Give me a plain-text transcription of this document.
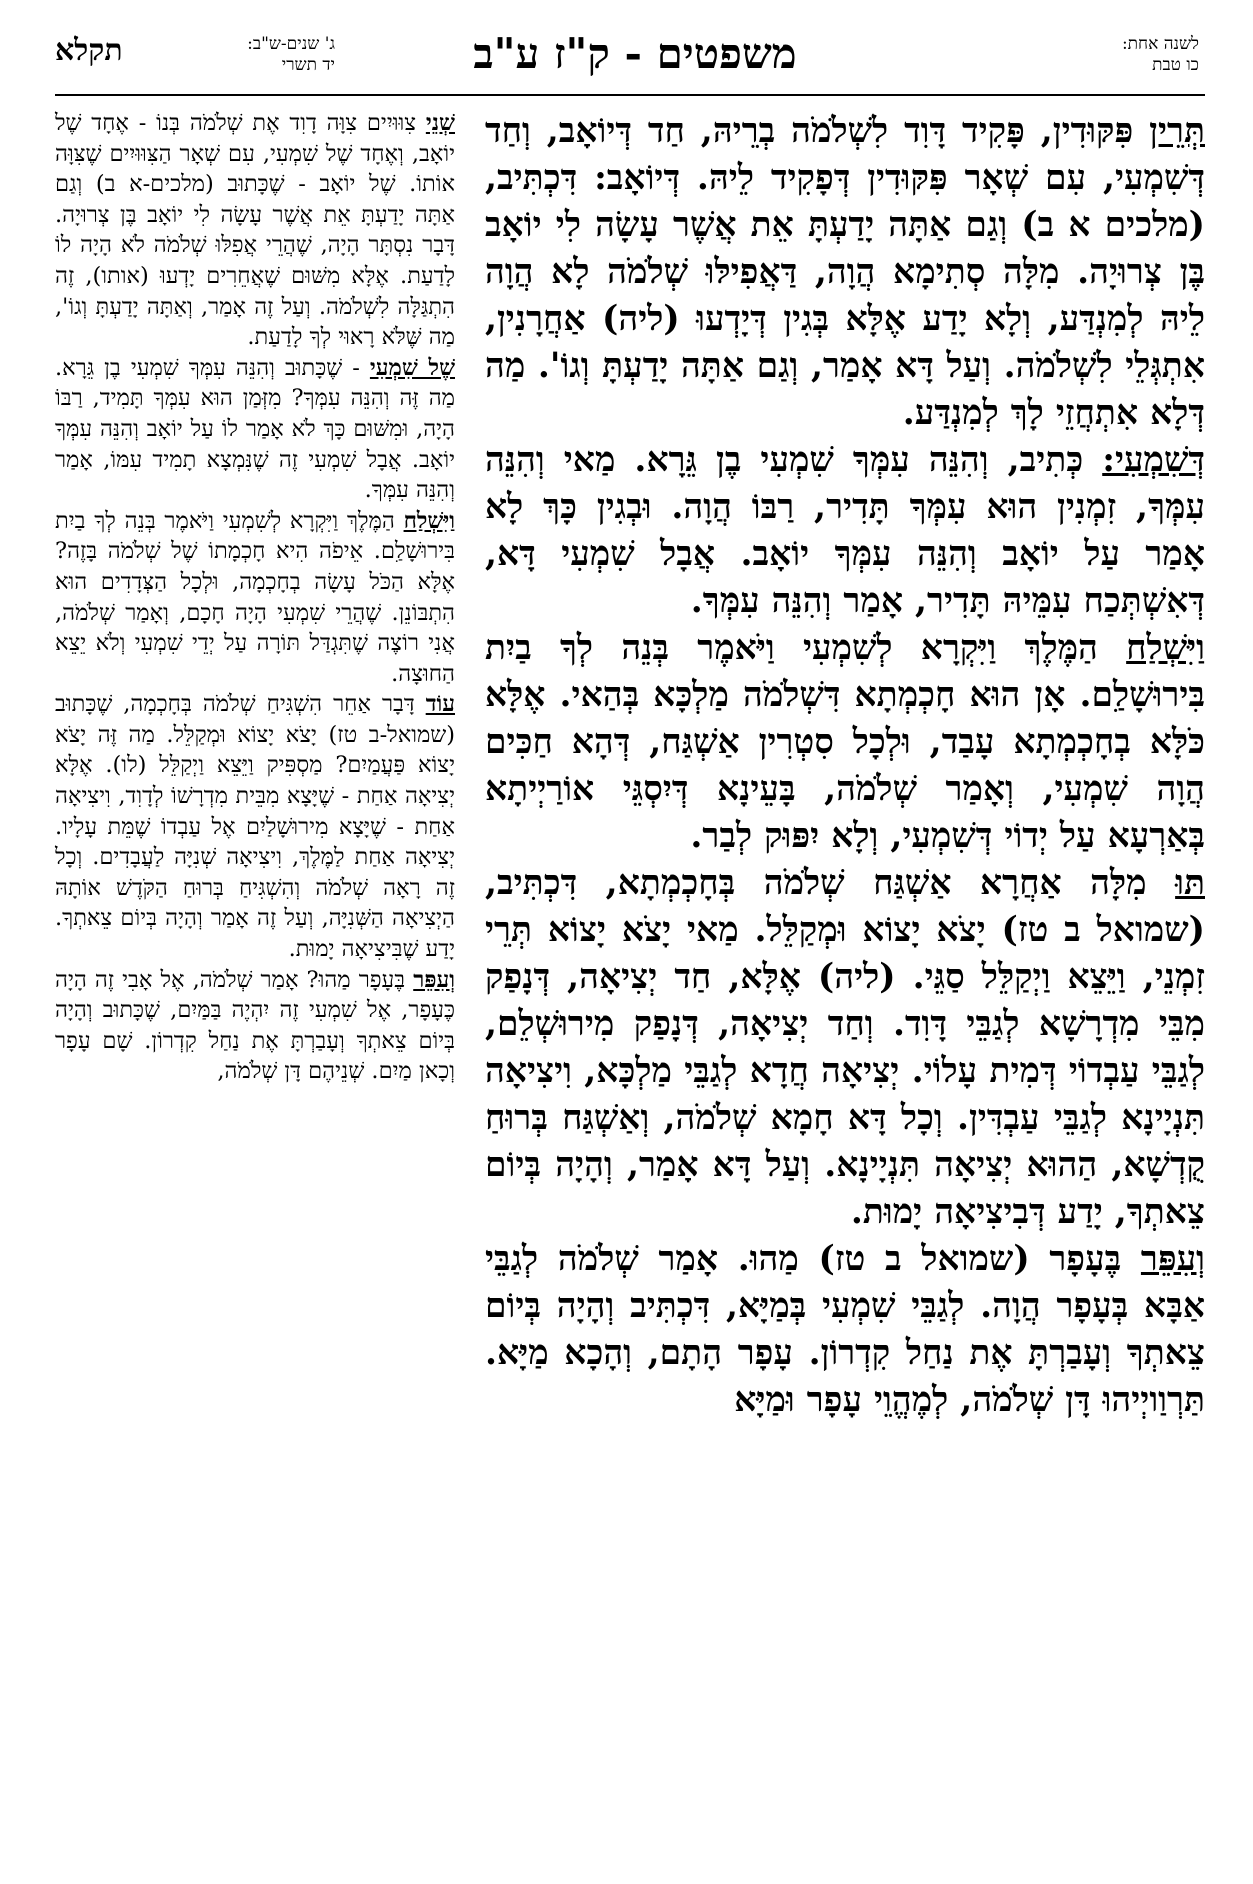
לשנה אחת:
כו טבת
משפטים - ק"ז ע"ב
ג' שנים-ש"ב:
יד תשרי
תקלא

תְּרֵין פִּקּוּדִין, פָּקִיד דָּוִד לִשְׁלֹמֹה בְרֵיהּ, חַד דְּיוֹאָב, וְחַד דְּשִׁמְעִי, עִם שְׁאָר פִּקּוּדִין דְּפָקִיד לֵיהּ. דְּיוֹאָב: דִּכְתִּיב, (מלכים א ב) וְגַם אַתָּה יָדַעְתָּ אֵת אֲשֶׁר עָשָׂה לִי יוֹאָב בֶּן צְרוּיָה. מִלָּה סְתִימָא הֲוָה, דַּאֲפִילּוּ שְׁלֹמֹה לָא הֲוָה לֵיהּ לְמִנְדַּע, וְלָא יָדַע אֶלָּא בְּגִין דְּיָדְעוּ (ליה) אַחֲרָנִין, אִתְגְּלֵי לִשְׁלֹמֹה. וְעַל דָּא אָמַר, וְגַם אַתָּה יָדַעְתָּ וְגוֹ'. מַה דְּלָא אִתְחֲזֵי לָךְ לְמִנְדַּע.

דְּשִׁמְעִי: כְּתִיב, וְהִנֵּה עִמְּךָ שִׁמְעִי בֶן גֵּרָא. מַאי וְהִנֵּה עִמְּךָ, זִמְנִין הוּא עִמְּךָ תָּדִיר, רַבּוֹ הֲוָה. וּבְגִין כָּךְ לָא אָמַר עַל יוֹאָב וְהִנֵּה עִמְּךָ יוֹאָב. אֲבָל שִׁמְעִי דָּא, דְּאִשְׁתְּכַח עִמֵּיהּ תָּדִיר, אָמַר וְהִנֵּה עִמְּךָ.

וַיִּשְׁלַח הַמֶּלֶךְ וַיִּקְרָא לְשִׁמְעִי וַיֹּאמֶר בְּנֵה לְךָ בַיִת בִּירוּשָׁלִַם. אָן הוּא חָכְמְתָא דִּשְׁלֹמֹה מַלְכָּא בְּהַאי. אֶלָּא כֹּלָּא בְחָכְמְתָא עָבַד, וּלְכָל סִטְרִין אַשְׁגַּח, דְּהָא חַכִּים הֲוָה שִׁמְעִי, וְאָמַר שְׁלֹמֹה, בָּעֵינָא דְּיִסְגֵּי אוֹרַיְיתָא בְּאַרְעָא עַל יְדוֹי דְּשִׁמְעִי, וְלָא יִפּוּק לְבַר.

תּוּ מִלָּה אַחֲרָא אַשְׁגַּח שְׁלֹמֹה בְּחָכְמְתָא, דִּכְתִּיב, (שמואל ב טז) יָצֹא יָצוֹא וּמְקַלֵּל. מַאי יָצֹא יָצוֹא תְּרֵי זִמְנֵי, וַיֵּצֵא וַיְקַלֵּל סַגֵּי. (ליה) אֶלָּא, חַד יְצִיאָה, דְּנָפַק מִבֵּי מִדְרָשָׁא לְגַבֵּי דָּוִד. וְחַד יְצִיאָה, דְּנָפַק מִירוּשְׁלֵם, לְגַבֵּי עַבְדוֹי דְּמִית עָלוֹי. יְצִיאָה חֲדָא לְגַבֵּי מַלְכָּא, וִיצִיאָה תִּנְיָינָא לְגַבֵּי עַבְדִּין. וְכָל דָּא חָמָא שְׁלֹמֹה, וְאַשְׁגַּח בְּרוּחַ קֻדְשָׁא, הַהוּא יְצִיאָה תִּנְיָינָא. וְעַל דָּא אָמַר, וְהָיָה בְּיוֹם צֵאתְךָ, יָדַע דְּבִיצִיאָה יָמוּת.

וְעִפֵּר בֶּעָפָר (שמואל ב טז) מַהוּ. אָמַר שְׁלֹמֹה לְגַבֵּי אַבָּא בְּעָפָר הֲוָה. לְגַבֵּי שִׁמְעִי בְּמַיָּא, דִּכְתִּיב וְהָיָה בְּיוֹם צֵאתְךָ וְעָבַרְתָּ אֶת נַחַל קִדְרוֹן. עָפָר הָתָם, וְהָכָא מַיָּא. תַּרְוַויְיהוּ דָּן שְׁלֹמֹה, לְמֶהֱוֵי עָפָר וּמַיָּא

שְׁנֵי צִוּוּיִים צִוָּה דָוִד אֶת שְׁלֹמֹה בְּנוֹ - אֶחָד שֶׁל יוֹאָב, וְאֶחָד שֶׁל שִׁמְעִי, עִם שְׁאָר הַצִּוּוּיִים שֶׁצִּוָּה אוֹתוֹ. שֶׁל יוֹאָב - שֶׁכָּתוּב (מלכים-א ב) וְגַם אַתָּה יָדַעְתָּ אֵת אֲשֶׁר עָשָׂה לִי יוֹאָב בֶּן צְרוּיָה. דָּבָר נִסְתָּר הָיָה, שֶׁהֲרֵי אֲפִלּוּ שְׁלֹמֹה לֹא הָיָה לוֹ לָדַעַת. אֶלָּא מִשּׁוּם שֶׁאֲחֵרִים יָדְעוּ (אותו), זֶה הִתְגַּלָּה לִשְׁלֹמֹה. וְעַל זֶה אָמַר, וְאַתָּה יָדַעְתָּ וְגוֹ', מַה שֶּׁלֹּא רָאוּי לְךָ לָדַעַת.

שֶׁל שִׁמְעִי - שֶׁכָּתוּב וְהִנֵּה עִמְּךָ שִׁמְעִי בֶן גֵּרָא. מַה זֶּה וְהִנֵּה עִמְּךָ? מִזְּמַן הוּא עִמְּךָ תָּמִיד, רַבּוֹ הָיָה, וּמִשּׁוּם כָּךְ לֹא אָמַר לוֹ עַל יוֹאָב וְהִנֵּה עִמְּךָ יוֹאָב. אֲבָל שִׁמְעִי זֶה שֶׁנִּמְצָא תָמִיד עִמּוֹ, אָמַר וְהִנֵּה עִמְּךָ.

וַיִּשְׁלַח הַמֶּלֶךְ וַיִּקְרָא לְשִׁמְעִי וַיֹּאמֶר בְּנֵה לְךָ בַיִת בִּירוּשָׁלִַם. אֵיפֹה הִיא חָכְמָתוֹ שֶׁל שְׁלֹמֹה בָּזֶה? אֶלָּא הַכֹּל עָשָׂה בְחָכְמָה, וּלְכָל הַצְּדָדִים הוּא הִתְבּוֹנֵן. שֶׁהֲרֵי שִׁמְעִי הָיָה חָכָם, וְאָמַר שְׁלֹמֹה, אֲנִי רוֹצֶה שֶׁתִּגְדַּל תּוֹרָה עַל יְדֵי שִׁמְעִי וְלֹא יֵצֵא הַחוּצָה.

עוֹד דָּבָר אַחֵר הִשְׁגִּיחַ שְׁלֹמֹה בְּחָכְמָה, שֶׁכָּתוּב (שמואל-ב טז) יָצֹא יָצוֹא וּמְקַלֵּל. מַה זֶּה יָצֹא יָצוֹא פַּעֲמַיִם? מַסְפִּיק וַיֵּצֵא וַיְקַלֵּל (לו). אֶלָּא יְצִיאָה אַחַת - שֶׁיָּצָא מִבֵּית מִדְרָשׁוֹ לְדָוִד, וִיצִיאָה אַחַת - שֶׁיָּצָא מִירוּשָׁלַיִם אֶל עַבְדוֹ שֶׁמֵּת עָלָיו. יְצִיאָה אַחַת לַמֶּלֶךְ, וִיצִיאָה שְׁנִיָּה לַעֲבָדִים. וְכָל זֶה רָאָה שְׁלֹמֹה וְהִשְׁגִּיחַ בְּרוּחַ הַקֹּדֶשׁ אוֹתָהּ הַיְצִיאָה הַשְּׁנִיָּה, וְעַל זֶה אָמַר וְהָיָה בְּיוֹם צֵאתְךָ. יָדַע שֶׁבִּיצִיאָה יָמוּת.

וְעִפֵּר בֶּעָפָר מַהוּ? אָמַר שְׁלֹמֹה, אֶל אָבִי זֶה הָיָה כֶּעָפָר, אֶל שִׁמְעִי זֶה יִהְיֶה בַּמַּיִם, שֶׁכָּתוּב וְהָיָה בְּיוֹם צֵאתְךָ וְעָבַרְתָּ אֶת נַחַל קִדְרוֹן. שָׁם עָפָר וְכָאן מַיִם. שְׁנֵיהֶם דָּן שְׁלֹמֹה,
